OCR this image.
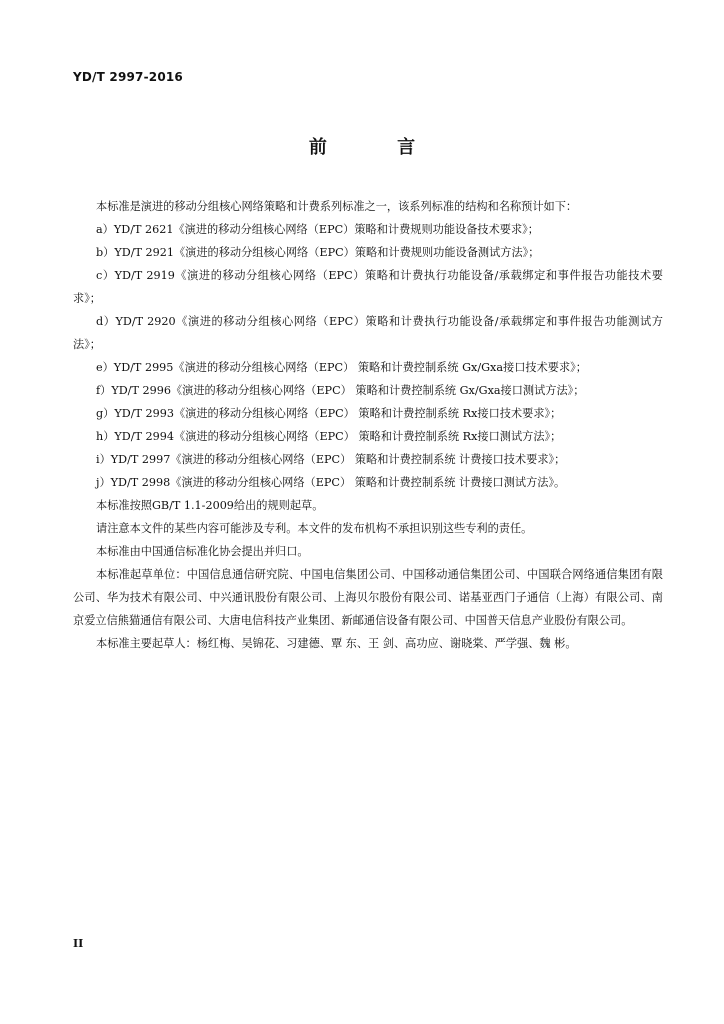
YD/T 2997-2016
前 言

本标准是演进的移动分组核心网络策略和计费系列标准之一，该系列标准的结构和名称预计如下：

a）YD/T 2621《演进的移动分组核心网络（EPC）策略和计费规则功能设备技术要求》；

b）YD/T 2921《演进的移动分组核心网络（EPC）策略和计费规则功能设备测试方法》；

c）YD/T 2919《演进的移动分组核心网络（EPC）策略和计费执行功能设备/承载绑定和事件报告功能技术要求》；

d）YD/T 2920《演进的移动分组核心网络（EPC）策略和计费执行功能设备/承载绑定和事件报告功能测试方法》；

e）YD/T 2995《演进的移动分组核心网络（EPC） 策略和计费控制系统 Gx/Gxa接口技术要求》；

f）YD/T 2996《演进的移动分组核心网络（EPC） 策略和计费控制系统 Gx/Gxa接口测试方法》；

g）YD/T 2993《演进的移动分组核心网络（EPC） 策略和计费控制系统 Rx接口技术要求》；

h）YD/T 2994《演进的移动分组核心网络（EPC） 策略和计费控制系统 Rx接口测试方法》；

i）YD/T 2997《演进的移动分组核心网络（EPC） 策略和计费控制系统 计费接口技术要求》；

j）YD/T 2998《演进的移动分组核心网络（EPC） 策略和计费控制系统 计费接口测试方法》。

本标准按照GB/T 1.1-2009给出的规则起草。

请注意本文件的某些内容可能涉及专利。本文件的发布机构不承担识别这些专利的责任。

本标准由中国通信标准化协会提出并归口。

本标准起草单位：中国信息通信研究院、中国电信集团公司、中国移动通信集团公司、中国联合网络通信集团有限公司、华为技术有限公司、中兴通讯股份有限公司、上海贝尔股份有限公司、诺基亚西门子通信（上海）有限公司、南京爱立信熊猫通信有限公司、大唐电信科技产业集团、新邮通信设备有限公司、中国普天信息产业股份有限公司。

本标准主要起草人：杨红梅、吴锦花、习建德、覃 东、王 剑、高功应、谢晓棠、严学强、魏 彬。

II
